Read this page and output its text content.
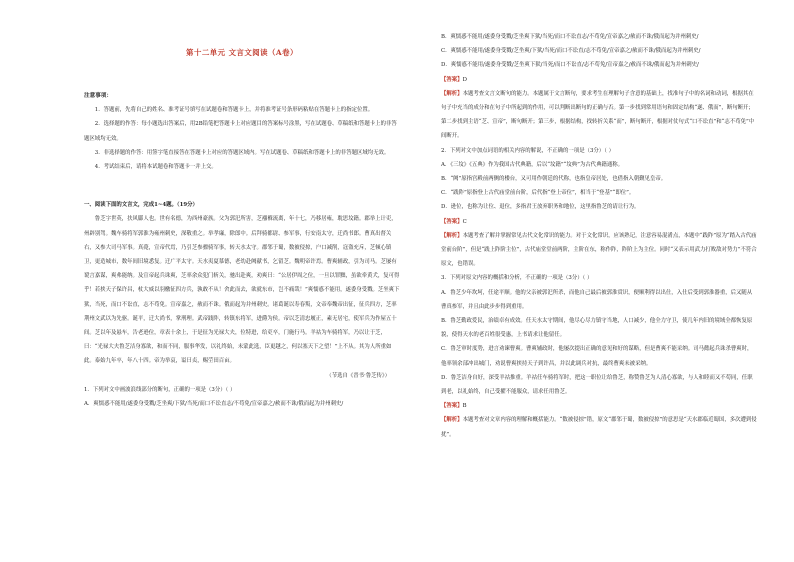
第十二单元 文言文阅读（A卷）
注意事项：

1．答题前，先将自己的姓名、准考证号填写在试题卷和答题卡上，并将准考证号条形码粘贴在答题卡上的指定位置。

2．选择题的作答：每小题选出答案后，用2B铅笔把答题卡上对应题目的答案标号涂黑，写在试题卷、草稿纸和答题卡上的非答题区域均无效。

3．非选择题的作答：用签字笔直接答在答题卡上对应的答题区域内。写在试题卷、草稿纸和答题卡上的非答题区域均无效。

4．考试结束后，请将本试题卷和答题卡一并上交。

一、阅读下面的文言文，完成1~4题。（19分）

鲁芝字世英，扶风郿人也。世有名德，为西州豪族。父为郭汜所害，芝襁褓流离，年十七，乃移居雍，耽思坟籍。郡举上计吏，州辟别驾。魏车骑将军郭淮为雍州刺史，深敬重之。举孝廉，除郎中。后拜骑都尉、参军事，行安南太守，迁尚书郎。曹真出督关右，又参大司马军事。真薨，宣帝代焉，乃引芝参骠骑军事，转天水太守。郡邻于蜀，数被侵掠，户口减削，寇盗充斥，芝倾心镇卫，更造城市，数年间旧境悉复。迁广平太守。天水夷夏慕德，老幼赴阙献书，乞留芝。魏明帝许焉。曹爽辅政，引为司马。芝屡有谠言嘉谋，爽弗能纳。及宣帝起兵诛爽，芝率余众犯门斩关，驰出赴爽，劝爽曰：“公居伊周之位，一旦以罪黜，虽欲牵黄犬，复可得乎！若挟天子保许昌，杖大威以羽檄征四方兵，孰敢不从！舍此而去，欲就东市，岂不痛哉！”爽懦惑不能用，遂委身受戮。芝坐爽下狱，当死，而口不讼直，志不苟免。宣帝嘉之，赦而不诛。俄而起为并州刺史。诸葛诞以寿春叛，文帝奉魏帝出征，征兵四方，芝率荆州文武以为先驱。诞平，迁大尚书，掌刑理。武帝践阼，转镇东将军，进爵为侯。帝以芝清忠履正，素无居宅，使军兵为作屋五十间。芝以年及悬车，告老逊位，章表十余上，于是征为光禄大夫，位特进，给吏卒，门施行马。羊祜为车骑将军，乃以让于芝，曰：“光禄大夫鲁芝洁身寡欲，和而不同，服事华发，以礼终始，未蒙此选，臣更越之，何以塞天下之望！”上不从。其为人所重如此。泰始九年卒，年八十四。帝为举哀，谥曰贞，赐茔田百亩。

（节选自《晋书·鲁芝传》）

1．下列对文中画波浪线部分的断句，正确的一项是（3分）（ ）

A．爽懦惑不能用/遂委身受戮/芝坐爽/下狱/当死/而口不讼直志/不苟免/宣帝嘉之/赦而不诛/俄而起为并州刺史/

B．爽懦惑不能用/遂委身受戮/芝坐爽下狱/当死/而口不讼直志/不苟免/宣帝嘉之/赦而不诛/俄而起为并州刺史/

C．爽懦惑不能用/遂委身受戮/芝坐爽/下狱/当死/而口不讼直/志不苟免/宣帝嘉之/赦而不诛/俄而起为并州刺史/

D．爽懦惑不能用/遂委身受戮/芝坐爽下狱/当死/而口不讼直/志不苟免/宣帝嘉之/赦而不诛/俄而起为并州刺史/

【答案】D

【解析】本题考查文言文断句的能力。本题属于文言断句，要求考生在理解句子含意的基础上，找准句子中的名词和动词，根据其在句子中充当的成分和在句子中所起到的作用，可以判断出断句的正确与否。第一步找到常用语句和固定结构“遂、俄而”，断句断开；第二步找到主语“芝、宣帝”，断句断开；第三步，根据结构，找转折关系“而”，断句断开，根据对仗句式“口不讼直”和“志不苟免”中间断开。

2．下列对文中加点词语的相关内容的解说，不正确的一项是（3分）（ ）

A．《三坟》《五典》作为我国古代典籍，后以“坟籍”“坟典”为古代典籍通称。

B．“阙”原指宫殿前两侧的楼台，又可用作朝廷的代称，也指皇帝居处，也借指入朝觐见皇帝。

C．“践阼”原指登上古代庙堂前台阶，后代指“登上帝位”，相当于“登基”“即位”。

D．逊位，也称为让位、退位，多指君王放弃职务和地位，这里指鲁芝的请让行为。

【答案】C

【解析】本题考查了解并掌握常见古代文化常识的能力。对于文化常识，应该熟记，注意容易混淆点，本题中“践阼”原为“踏入古代庙堂前台阶”，但是“践上阼阶主位”，古代庙堂堂前两阶，主阶在东，称作阼，阼阶上为主位。同时“又表示用武力打败敌对势力”不符合原文，也错误。

3．下列对原文内容的概括和分析，不正确的一项是（3分）（ ）

A．鲁芝少年坎坷，任途平顺。他的父亲被郭汜所杀，而他自己最后被郭淮赏识，便顺利得以出仕，入仕后受到郭淮器重，后又随从曹真参军，并且由此步步得到重用。

B．鲁芝勤政爱民，治绩卓有成效。任天水太守期间，他尽心尽力镇守当地，人口减少，他全力守卫，使几年内旧的境域全都恢复原貌，使得天水的老百姓很受惠，上书请求让他留任。

C．鲁芝审时度势，进言劝谏曹爽。曹爽辅政时，他屡次提出正确的意见和好的谋略，但是曹爽不能采纳。司马懿起兵诛杀曹爽时，他率领余部冲出城门，劝说曹爽挟持天子到许昌，并以此调兵对抗，最终曹爽未被采纳。

D．鲁芝洁身自好，深受羊祜推重。羊祜任车骑将军时，把这一职位让给鲁芝，称赞鲁芝为人清心寡欲，与人和睦而又不苟同，任职到老，以礼始终，自己受擢不能服众，请求任用鲁芝。

【答案】B

【解析】本题考查对文章内容的理解和概括能力。“数被侵掠”错，原文“郡邻于蜀，数被侵掠”的意思是“天水郡临近蜀国，多次遭到侵扰”。
